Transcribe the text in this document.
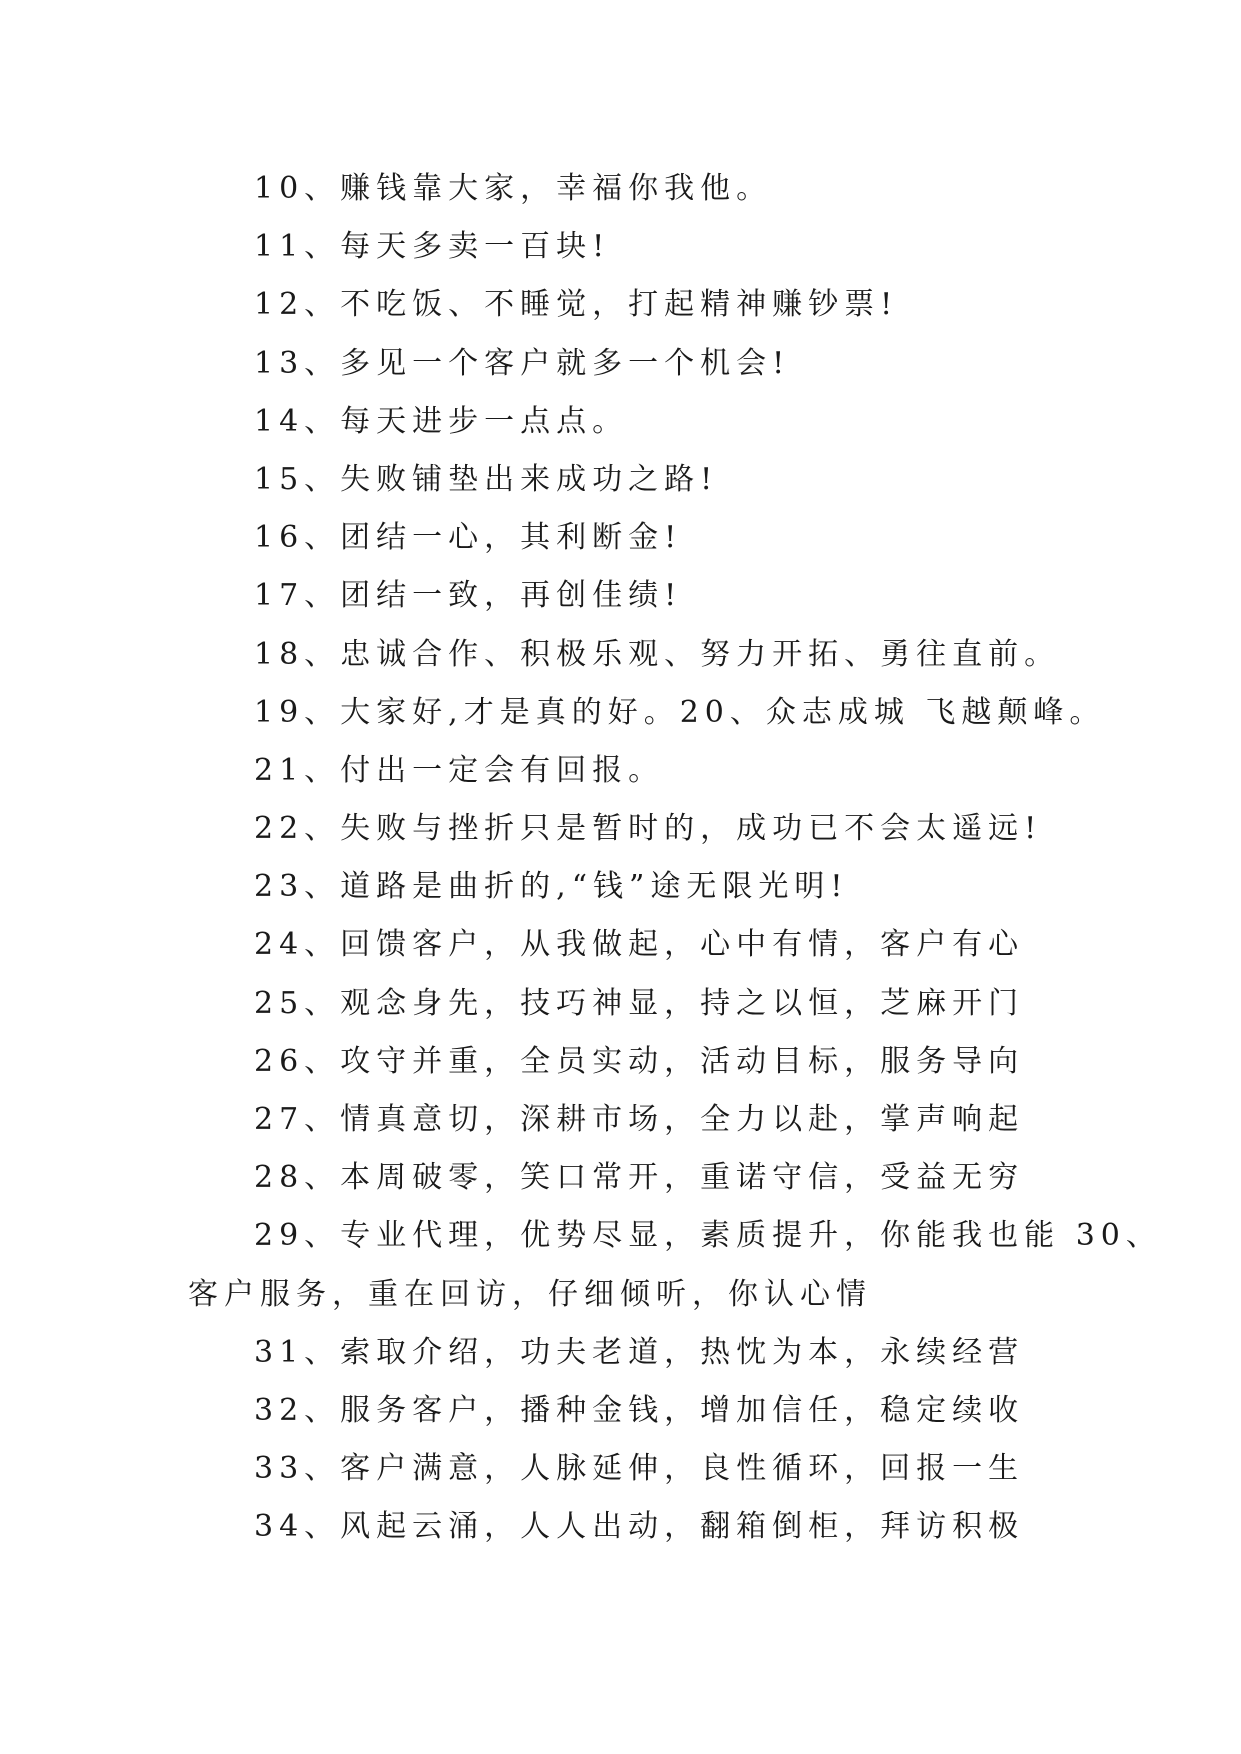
10、赚钱靠大家，幸福你我他。
11、每天多卖一百块!
12、不吃饭、不睡觉，打起精神赚钞票!
13、多见一个客户就多一个机会!
14、每天进步一点点。
15、失败铺垫出来成功之路!
16、团结一心，其利断金!
17、团结一致，再创佳绩!
18、忠诚合作、积极乐观、努力开拓、勇往直前。
19、大家好,才是真的好。20、众志成城 飞越颠峰。
21、付出一定会有回报。
22、失败与挫折只是暂时的，成功已不会太遥远!
23、道路是曲折的,“钱”途无限光明!
24、回馈客户，从我做起，心中有情，客户有心
25、观念身先，技巧神显，持之以恒，芝麻开门
26、攻守并重，全员实动，活动目标，服务导向
27、情真意切，深耕市场，全力以赴，掌声响起
28、本周破零，笑口常开，重诺守信，受益无穷
29、专业代理，优势尽显，素质提升，你能我也能 30、
客户服务，重在回访，仔细倾听，你认心情
31、索取介绍，功夫老道，热忱为本，永续经营
32、服务客户，播种金钱，增加信任，稳定续收
33、客户满意，人脉延伸，良性循环，回报一生
34、风起云涌，人人出动，翻箱倒柜，拜访积极
